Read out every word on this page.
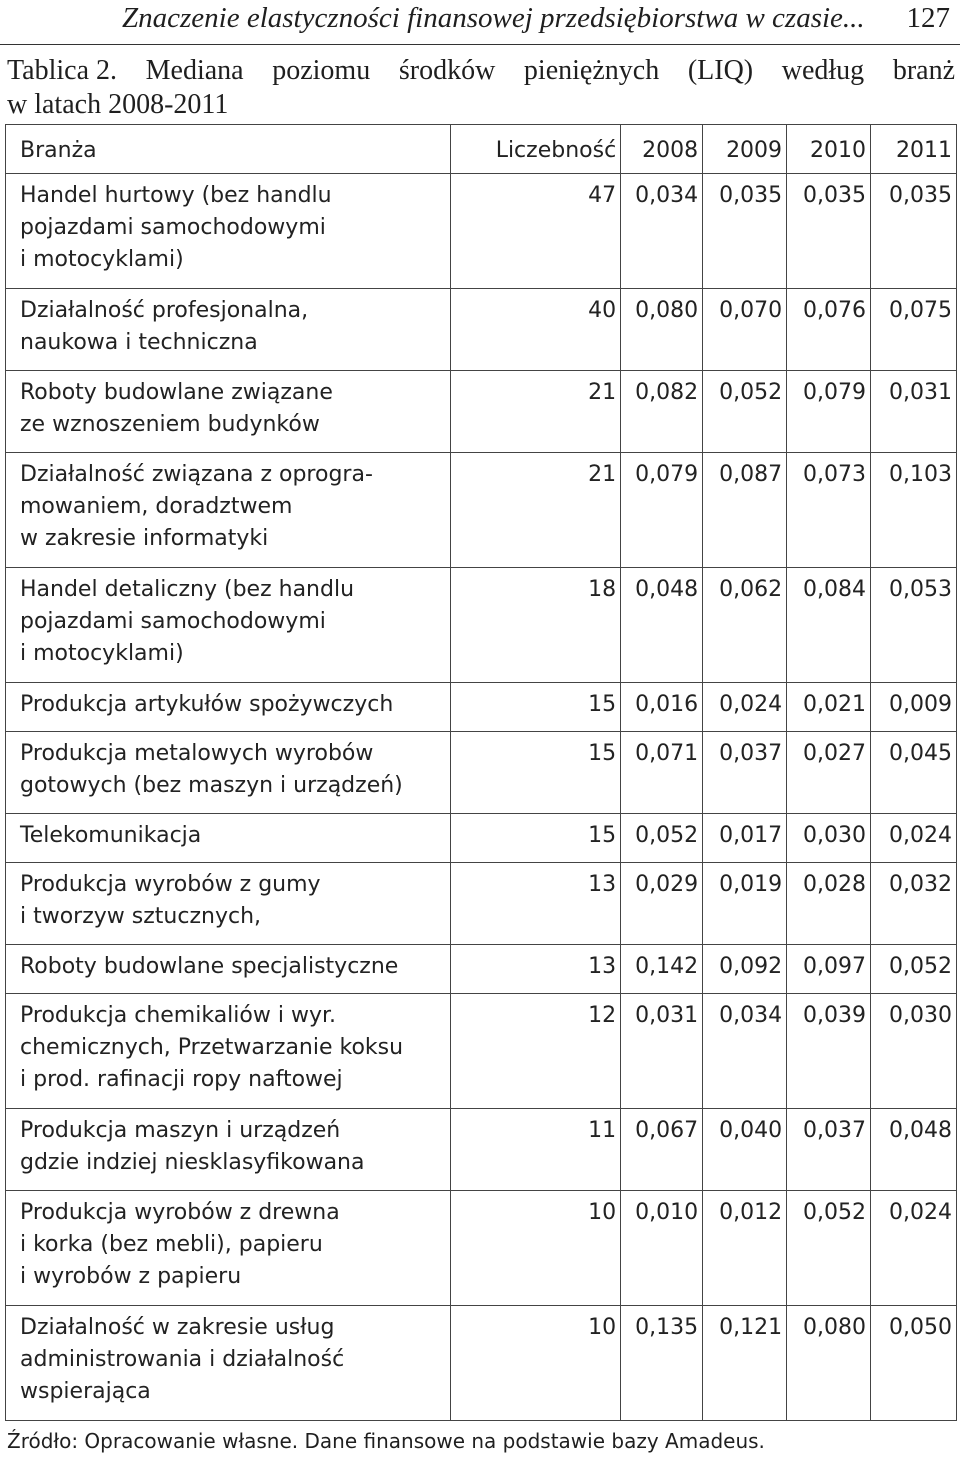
Znaczenie elastyczności finansowej przedsiębiorstwa w czasie... 127
Tablica 2. Mediana poziomu środków pieniężnych (LIQ) według branż
w latach 2008-2011
Branża	Liczebność	2008	2009	2010	2011
Handel hurtowy (bez handlu
pojazdami samochodowymi
i motocyklami)	47	0,034	0,035	0,035	0,035
Działalność profesjonalna,
naukowa i techniczna	40	0,080	0,070	0,076	0,075
Roboty budowlane związane
ze wznoszeniem budynków	21	0,082	0,052	0,079	0,031
Działalność związana z oprogra-
mowaniem, doradztwem
w zakresie informatyki	21	0,079	0,087	0,073	0,103
Handel detaliczny (bez handlu
pojazdami samochodowymi
i motocyklami)	18	0,048	0,062	0,084	0,053
Produkcja artykułów spożywczych	15	0,016	0,024	0,021	0,009
Produkcja metalowych wyrobów
gotowych (bez maszyn i urządzeń)	15	0,071	0,037	0,027	0,045
Telekomunikacja	15	0,052	0,017	0,030	0,024
Produkcja wyrobów z gumy
i tworzyw sztucznych,	13	0,029	0,019	0,028	0,032
Roboty budowlane specjalistyczne	13	0,142	0,092	0,097	0,052
Produkcja chemikaliów i wyr.
chemicznych, Przetwarzanie koksu
i prod. rafinacji ropy naftowej	12	0,031	0,034	0,039	0,030
Produkcja maszyn i urządzeń
gdzie indziej niesklasyfikowana	11	0,067	0,040	0,037	0,048
Produkcja wyrobów z drewna
i korka (bez mebli), papieru
i wyrobów z papieru	10	0,010	0,012	0,052	0,024
Działalność w zakresie usług
administrowania i działalność
wspierająca	10	0,135	0,121	0,080	0,050
Źródło: Opracowanie własne. Dane finansowe na podstawie bazy Amadeus.
